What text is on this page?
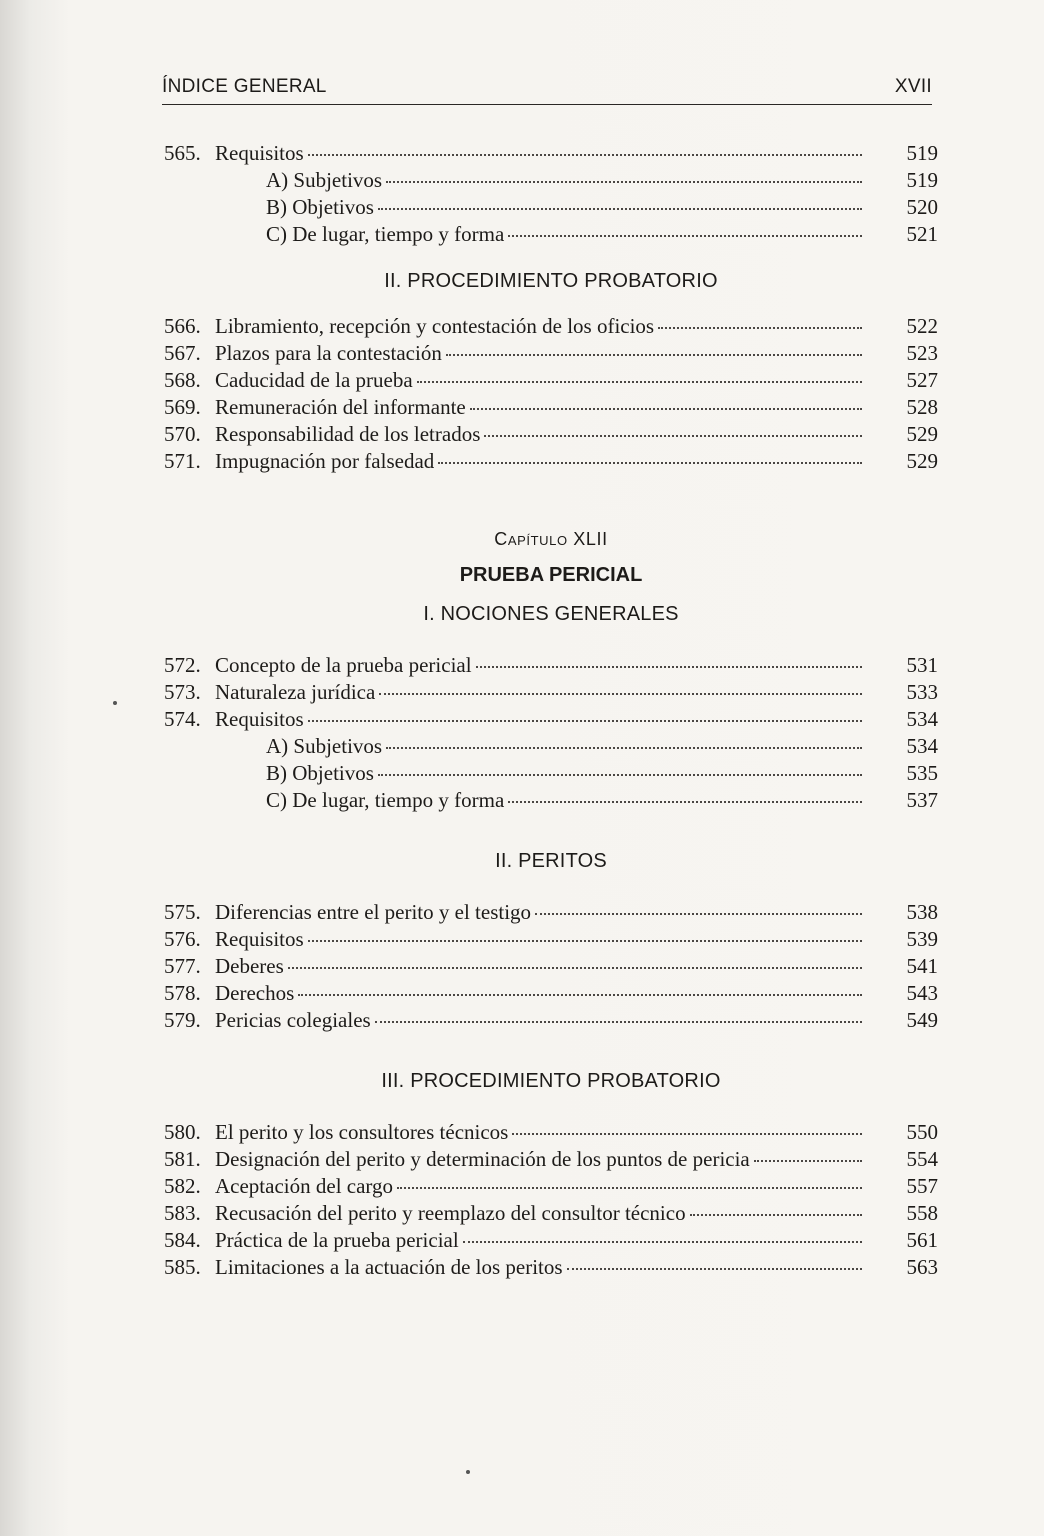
ÍNDICE GENERAL	XVII
565. Requisitos	519
A) Subjetivos	519
B) Objetivos	520
C) De lugar, tiempo y forma	521
II. PROCEDIMIENTO PROBATORIO
566. Libramiento, recepción y contestación de los oficios	522
567. Plazos para la contestación	523
568. Caducidad de la prueba	527
569. Remuneración del informante	528
570. Responsabilidad de los letrados	529
571. Impugnación por falsedad	529
Capítulo XLII
PRUEBA PERICIAL
I. NOCIONES GENERALES
572. Concepto de la prueba pericial	531
573. Naturaleza jurídica	533
574. Requisitos	534
A) Subjetivos	534
B) Objetivos	535
C) De lugar, tiempo y forma	537
II. PERITOS
575. Diferencias entre el perito y el testigo	538
576. Requisitos	539
577. Deberes	541
578. Derechos	543
579. Pericias colegiales	549
III. PROCEDIMIENTO PROBATORIO
580. El perito y los consultores técnicos	550
581. Designación del perito y determinación de los puntos de pericia	554
582. Aceptación del cargo	557
583. Recusación del perito y reemplazo del consultor técnico	558
584. Práctica de la prueba pericial	561
585. Limitaciones a la actuación de los peritos	563
